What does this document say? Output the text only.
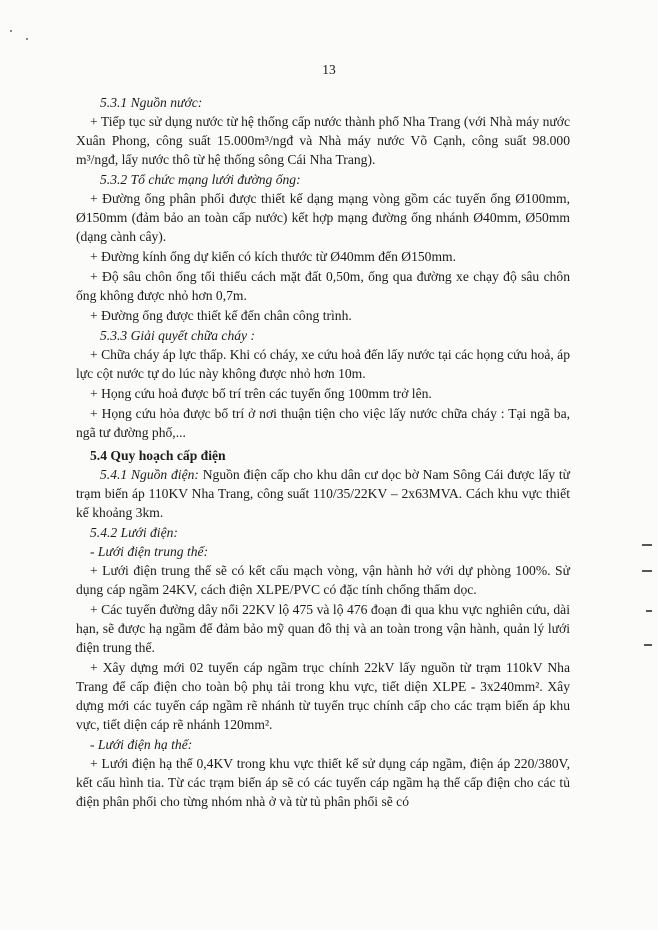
13
5.3.1 Nguồn nước:
+ Tiếp tục sử dụng nước từ hệ thống cấp nước thành phố Nha Trang (với Nhà máy nước Xuân Phong, công suất 15.000m³/ngđ và Nhà máy nước Võ Cạnh, công suất 98.000 m³/ngđ, lấy nước thô từ hệ thống sông Cái Nha Trang).
5.3.2 Tổ chức mạng lưới đường ống:
+ Đường ống phân phối được thiết kế dạng mạng vòng gồm các tuyến ống Ø100mm, Ø150mm (đảm bảo an toàn cấp nước) kết hợp mạng đường ống nhánh Ø40mm, Ø50mm (dạng cành cây).
+ Đường kính ống dự kiến có kích thước từ Ø40mm đến Ø150mm.
+ Độ sâu chôn ống tối thiểu cách mặt đất 0,50m, ống qua đường xe chạy độ sâu chôn ống không được nhỏ hơn 0,7m.
+ Đường ống được thiết kế đến chân công trình.
5.3.3 Giải quyết chữa cháy :
+ Chữa cháy áp lực thấp. Khi có cháy, xe cứu hoả đến lấy nước tại các họng cứu hoả, áp lực cột nước tự do lúc này không được nhỏ hơn 10m.
+ Họng cứu hoả được bố trí trên các tuyến ống 100mm trở lên.
+ Họng cứu hỏa được bố trí ở nơi thuận tiện cho việc lấy nước chữa cháy : Tại ngã ba, ngã tư đường phố,...
5.4 Quy hoạch cấp điện
5.4.1 Nguồn điện: Nguồn điện cấp cho khu dân cư dọc bờ Nam Sông Cái được lấy từ trạm biến áp 110KV Nha Trang, công suất 110/35/22KV – 2x63MVA. Cách khu vực thiết kế khoảng 3km.
5.4.2 Lưới điện:
- Lưới điện trung thế:
+ Lưới điện trung thế sẽ có kết cấu mạch vòng, vận hành hở với dự phòng 100%. Sử dụng cáp ngầm 24KV, cách điện XLPE/PVC có đặc tính chống thấm dọc.
+ Các tuyến đường dây nổi 22KV lộ 475 và lộ 476 đoạn đi qua khu vực nghiên cứu, dài hạn, sẽ được hạ ngầm để đảm bảo mỹ quan đô thị và an toàn trong vận hành, quản lý lưới điện trung thế.
+ Xây dựng mới 02 tuyến cáp ngầm trục chính 22kV lấy nguồn từ trạm 110kV Nha Trang để cấp điện cho toàn bộ phụ tải trong khu vực, tiết diện XLPE - 3x240mm². Xây dựng mới các tuyến cáp ngầm rẽ nhánh từ tuyến trục chính cấp cho các trạm biến áp khu vực, tiết diện cáp rẽ nhánh 120mm².
- Lưới điện hạ thế:
+ Lưới điện hạ thế 0,4KV trong khu vực thiết kế sử dụng cáp ngầm, điện áp 220/380V, kết cấu hình tia. Từ các trạm biến áp sẽ có các tuyến cáp ngầm hạ thế cấp điện cho các tủ điện phân phối cho từng nhóm nhà ở và từ tủ phân phối sẽ có
